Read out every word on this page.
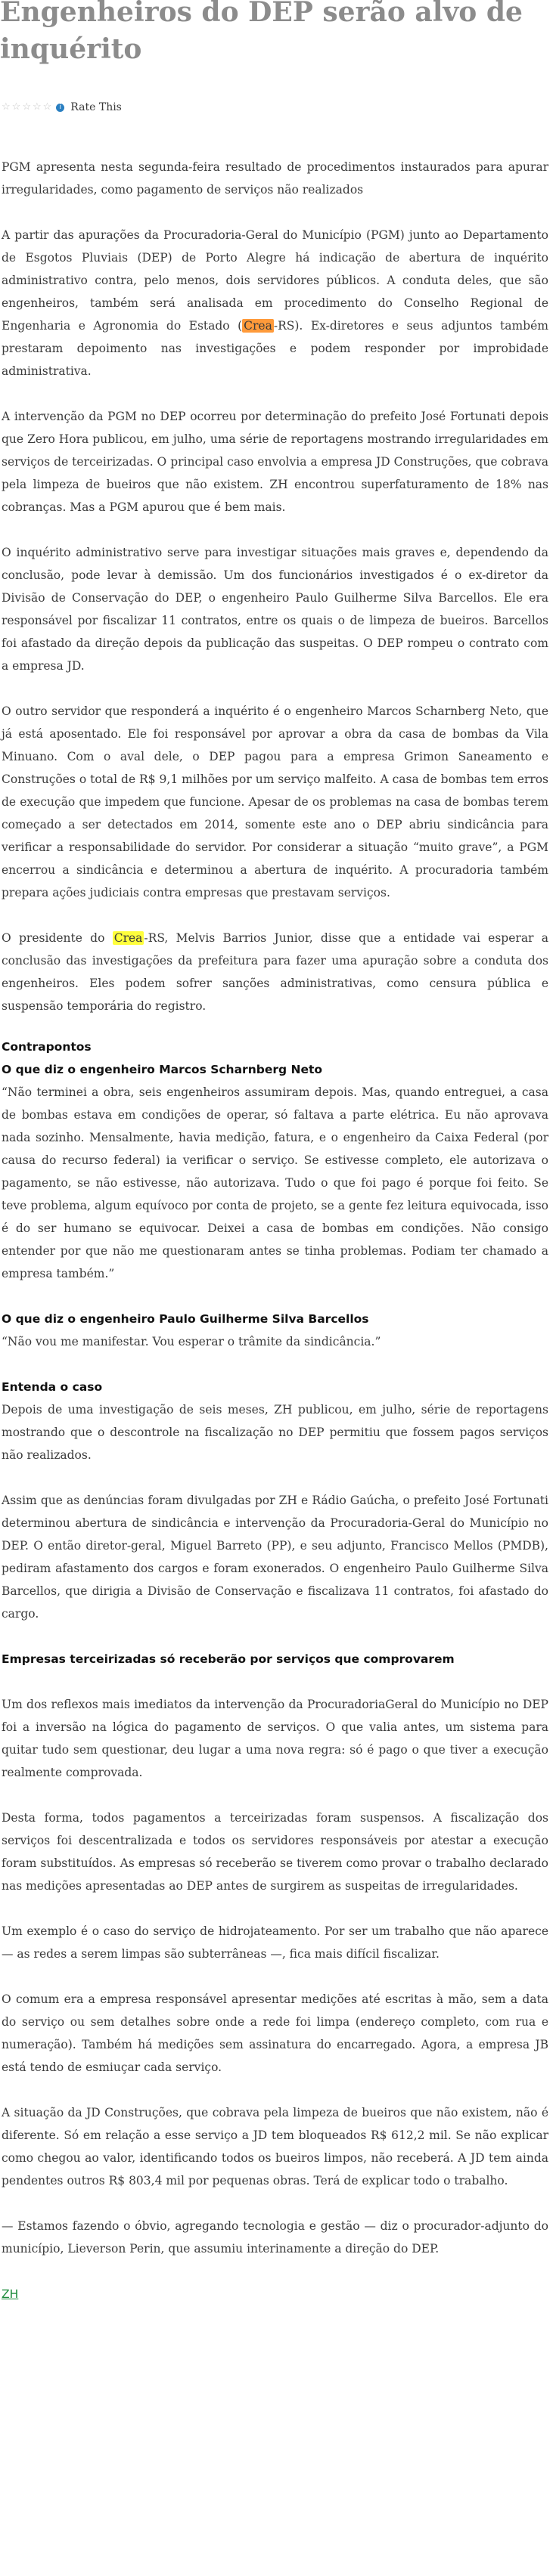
Engenheiros do DEP serão alvo de inquérito
☆ ☆ ☆ ☆ ☆	i Rate This

PGM apresenta nesta segunda-feira resultado de procedimentos instaurados para apurar irregularidades, como pagamento de serviços não realizados

A partir das apurações da Procuradoria-Geral do Município (PGM) junto ao Departamento de Esgotos Pluviais (DEP) de Porto Alegre há indicação de abertura de inquérito administrativo contra, pelo menos, dois servidores públicos. A conduta deles, que são engenheiros, também será analisada em procedimento do Conselho Regional de Engenharia e Agronomia do Estado ( Crea -RS). Ex-diretores e seus adjuntos também prestaram depoimento nas investigações e podem responder por improbidade administrativa.

A intervenção da PGM no DEP ocorreu por determinação do prefeito José Fortunati depois que Zero Hora publicou, em julho, uma série de reportagens mostrando irregularidades em serviços de terceirizadas. O principal caso envolvia a empresa JD Construções, que cobrava pela limpeza de bueiros que não existem. ZH encontrou superfaturamento de 18% nas cobranças. Mas a PGM apurou que é bem mais.

O inquérito administrativo serve para investigar situações mais graves e, dependendo da conclusão, pode levar à demissão. Um dos funcionários investigados é o ex-diretor da Divisão de Conservação do DEP, o engenheiro Paulo Guilherme Silva Barcellos. Ele era responsável por fiscalizar 11 contratos, entre os quais o de limpeza de bueiros. Barcellos foi afastado da direção depois da publicação das suspeitas. O DEP rompeu o contrato com a empresa JD.

O outro servidor que responderá a inquérito é o engenheiro Marcos Scharnberg Neto, que já está aposentado. Ele foi responsável por aprovar a obra da casa de bombas da Vila Minuano. Com o aval dele, o DEP pagou para a empresa Grimon Saneamento e Construções o total de R$ 9,1 milhões por um serviço malfeito. A casa de bombas tem erros de execução que impedem que funcione. Apesar de os problemas na casa de bombas terem começado a ser detectados em 2014, somente este ano o DEP abriu sindicância para verificar a responsabilidade do servidor. Por considerar a situação “muito grave”, a PGM encerrou a sindicância e determinou a abertura de inquérito. A procuradoria também prepara ações judiciais contra empresas que prestavam serviços.

O presidente do Crea -RS, Melvis Barrios Junior, disse que a entidade vai esperar a conclusão das investigações da prefeitura para fazer uma apuração sobre a conduta dos engenheiros. Eles podem sofrer sanções administrativas, como censura pública e suspensão temporária do registro.

Contrapontos
O que diz o engenheiro Marcos Scharnberg Neto

“Não terminei a obra, seis engenheiros assumiram depois. Mas, quando entreguei, a casa de bombas estava em condições de operar, só faltava a parte elétrica. Eu não aprovava nada sozinho. Mensalmente, havia medição, fatura, e o engenheiro da Caixa Federal (por causa do recurso federal) ia verificar o serviço. Se estivesse completo, ele autorizava o pagamento, se não estivesse, não autorizava. Tudo o que foi pago é porque foi feito. Se teve problema, algum equívoco por conta de projeto, se a gente fez leitura equivocada, isso é do ser humano se equivocar. Deixei a casa de bombas em condições. Não consigo entender por que não me questionaram antes se tinha problemas. Podiam ter chamado a empresa também.”

O que diz o engenheiro Paulo Guilherme Silva Barcellos

“Não vou me manifestar. Vou esperar o trâmite da sindicância.”

Entenda o caso

Depois de uma investigação de seis meses, ZH publicou, em julho, série de reportagens mostrando que o descontrole na fiscalização no DEP permitiu que fossem pagos serviços não realizados.

Assim que as denúncias foram divulgadas por ZH e Rádio Gaúcha, o prefeito José Fortunati determinou abertura de sindicância e intervenção da Procuradoria-Geral do Município no DEP. O então diretor-geral, Miguel Barreto (PP), e seu adjunto, Francisco Mellos (PMDB), pediram afastamento dos cargos e foram exonerados. O engenheiro Paulo Guilherme Silva Barcellos, que dirigia a Divisão de Conservação e fiscalizava 11 contratos, foi afastado do cargo.

Empresas terceirizadas só receberão por serviços que comprovarem

Um dos reflexos mais imediatos da intervenção da ProcuradoriaGeral do Município no DEP foi a inversão na lógica do pagamento de serviços. O que valia antes, um sistema para quitar tudo sem questionar, deu lugar a uma nova regra: só é pago o que tiver a execução realmente comprovada.

Desta forma, todos pagamentos a terceirizadas foram suspensos. A fiscalização dos serviços foi descentralizada e todos os servidores responsáveis por atestar a execução foram substituídos. As empresas só receberão se tiverem como provar o trabalho declarado nas medições apresentadas ao DEP antes de surgirem as suspeitas de irregularidades.

Um exemplo é o caso do serviço de hidrojateamento. Por ser um trabalho que não aparece — as redes a serem limpas são subterrâneas —, fica mais difícil fiscalizar.

O comum era a empresa responsável apresentar medições até escritas à mão, sem a data do serviço ou sem detalhes sobre onde a rede foi limpa (endereço completo, com rua e numeração). Também há medições sem assinatura do encarregado. Agora, a empresa JB está tendo de esmiuçar cada serviço.

A situação da JD Construções, que cobrava pela limpeza de bueiros que não existem, não é diferente. Só em relação a esse serviço a JD tem bloqueados R$ 612,2 mil. Se não explicar como chegou ao valor, identificando todos os bueiros limpos, não receberá. A JD tem ainda pendentes outros R$ 803,4 mil por pequenas obras. Terá de explicar todo o trabalho.

— Estamos fazendo o óbvio, agregando tecnologia e gestão — diz o procurador-adjunto do município, Lieverson Perin, que assumiu interinamente a direção do DEP.

ZH
